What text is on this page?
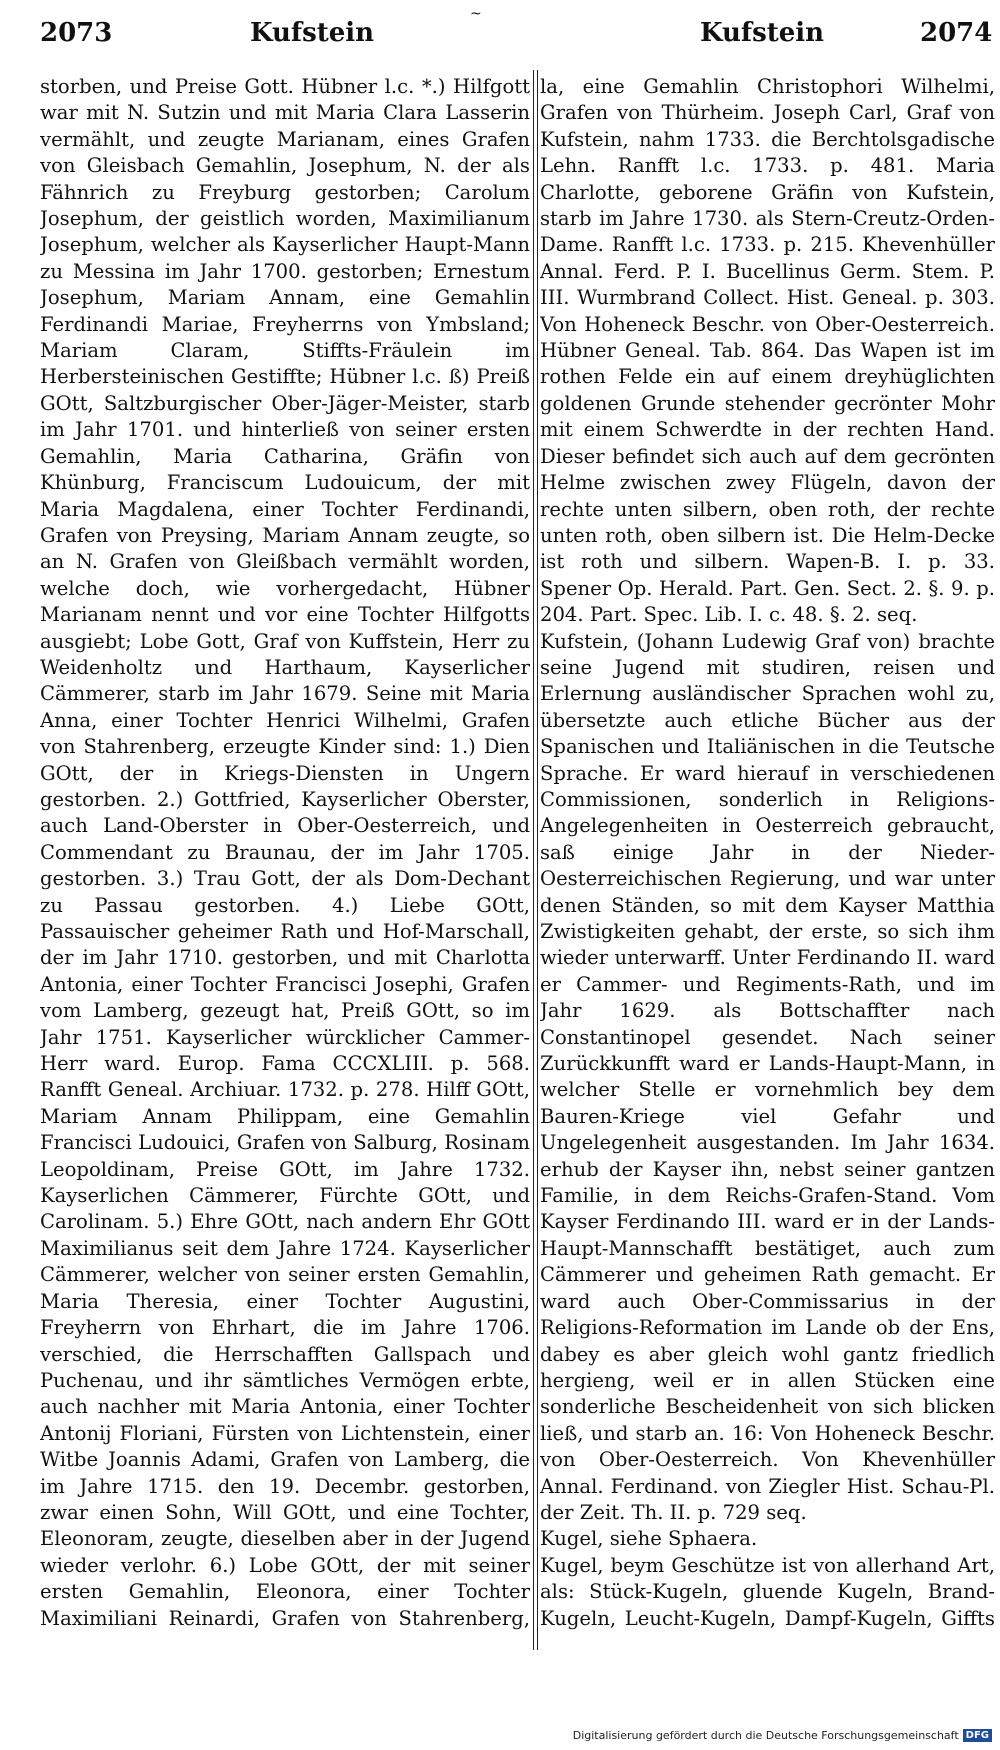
~
2073	Kufstein	Kufstein	2074

storben, und Preise Gott. Hübner l.c. *.) Hilfgott war mit N. Sutzin und mit Maria Clara Lasserin vermählt, und zeugte Marianam, eines Grafen von Gleisbach Gemahlin, Josephum, N. der als Fähnrich zu Freyburg gestorben; Carolum Josephum, der geistlich worden, Maximilianum Josephum, welcher als Kayserlicher Haupt-Mann zu Messina im Jahr 1700. gestorben; Ernestum Josephum, Mariam Annam, eine Gemahlin Ferdinandi Mariae, Freyherrns von Ymbsland; Mariam Claram, Stiffts-Fräulein im Herbersteinischen Gestiffte; Hübner l.c. ß) Preiß GOtt, Saltzburgischer Ober-Jäger-Meister, starb im Jahr 1701. und hinterließ von seiner ersten Gemahlin, Maria Catharina, Gräfin von Khünburg, Franciscum Ludouicum, der mit Maria Magdalena, einer Tochter Ferdinandi, Grafen von Preysing, Mariam Annam zeugte, so an N. Grafen von Gleißbach vermählt worden, welche doch, wie vorhergedacht, Hübner Marianam nennt und vor eine Tochter Hilfgotts ausgiebt; Lobe Gott, Graf von Kuffstein, Herr zu Weidenholtz und Harthaum, Kayserlicher Cämmerer, starb im Jahr 1679. Seine mit Maria Anna, einer Tochter Henrici Wilhelmi, Grafen von Stahrenberg, erzeugte Kinder sind: 1.) Dien GOtt, der in Kriegs-Diensten in Ungern gestorben. 2.) Gottfried, Kayserlicher Oberster, auch Land-Oberster in Ober-Oesterreich, und Commendant zu Braunau, der im Jahr 1705. gestorben. 3.) Trau Gott, der als Dom-Dechant zu Passau gestorben. 4.) Liebe GOtt, Passauischer geheimer Rath und Hof-Marschall, der im Jahr 1710. gestorben, und mit Charlotta Antonia, einer Tochter Francisci Josephi, Grafen vom Lamberg, gezeugt hat, Preiß GOtt, so im Jahr 1751. Kayserlicher würcklicher Cammer-Herr ward. Europ. Fama CCCXLIII. p. 568. Ranfft Geneal. Archiuar. 1732. p. 278. Hilff GOtt, Mariam Annam Philippam, eine Gemahlin Francisci Ludouici, Grafen von Salburg, Rosinam Leopoldinam, Preise GOtt, im Jahre 1732. Kayserlichen Cämmerer, Fürchte GOtt, und Carolinam. 5.) Ehre GOtt, nach andern Ehr GOtt Maximilianus seit dem Jahre 1724. Kayserlicher Cämmerer, welcher von seiner ersten Gemahlin, Maria Theresia, einer Tochter Augustini, Freyherrn von Ehrhart, die im Jahre 1706. verschied, die Herrschafften Gallspach und Puchenau, und ihr sämtliches Vermögen erbte, auch nachher mit Maria Antonia, einer Tochter Antonij Floriani, Fürsten von Lichtenstein, einer Witbe Joannis Adami, Grafen von Lamberg, die im Jahre 1715. den 19. Decembr. gestorben, zwar einen Sohn, Will GOtt, und eine Tochter, Eleonoram, zeugte, dieselben aber in der Jugend wieder verlohr. 6.) Lobe GOtt, der mit seiner ersten Gemahlin, Eleonora, einer Tochter Maximiliani Reinardi, Grafen von Stahrenberg,

la, eine Gemahlin Christophori Wilhelmi, Grafen von Thürheim. Joseph Carl, Graf von Kufstein, nahm 1733. die Berchtolsgadische Lehn. Ranfft l.c. 1733. p. 481. Maria Charlotte, geborene Gräfin von Kufstein, starb im Jahre 1730. als Stern-Creutz-Orden-Dame. Ranfft l.c. 1733. p. 215. Khevenhüller Annal. Ferd. P. I. Bucellinus Germ. Stem. P. III. Wurmbrand Collect. Hist. Geneal. p. 303. Von Hoheneck Beschr. von Ober-Oesterreich. Hübner Geneal. Tab. 864. Das Wapen ist im rothen Felde ein auf einem dreyhüglichten goldenen Grunde stehender gecrönter Mohr mit einem Schwerdte in der rechten Hand. Dieser befindet sich auch auf dem gecrönten Helme zwischen zwey Flügeln, davon der rechte unten silbern, oben roth, der rechte unten roth, oben silbern ist. Die Helm-Decke ist roth und silbern. Wapen-B. I. p. 33. Spener Op. Herald. Part. Gen. Sect. 2. §. 9. p. 204. Part. Spec. Lib. I. c. 48. §. 2. seq.

Kufstein, (Johann Ludewig Graf von) brachte seine Jugend mit studiren, reisen und Erlernung ausländischer Sprachen wohl zu, übersetzte auch etliche Bücher aus der Spanischen und Italiänischen in die Teutsche Sprache. Er ward hierauf in verschiedenen Commissionen, sonderlich in Religions-Angelegenheiten in Oesterreich gebraucht, saß einige Jahr in der Nieder-Oesterreichischen Regierung, und war unter denen Ständen, so mit dem Kayser Matthia Zwistigkeiten gehabt, der erste, so sich ihm wieder unterwarff. Unter Ferdinando II. ward er Cammer- und Regiments-Rath, und im Jahr 1629. als Bottschaffter nach Constantinopel gesendet. Nach seiner Zurückkunfft ward er Lands-Haupt-Mann, in welcher Stelle er vornehmlich bey dem Bauren-Kriege viel Gefahr und Ungelegenheit ausgestanden. Im Jahr 1634. erhub der Kayser ihn, nebst seiner gantzen Familie, in dem Reichs-Grafen-Stand. Vom Kayser Ferdinando III. ward er in der Lands-Haupt-Mannschafft bestätiget, auch zum Cämmerer und geheimen Rath gemacht. Er ward auch Ober-Commissarius in der Religions-Reformation im Lande ob der Ens, dabey es aber gleich wohl gantz friedlich hergieng, weil er in allen Stücken eine sonderliche Bescheidenheit von sich blicken ließ, und starb an. 16: Von Hoheneck Beschr. von Ober-Oesterreich. Von Khevenhüller Annal. Ferdinand. von Ziegler Hist. Schau-Pl. der Zeit. Th. II. p. 729 seq.

Kugel, siehe Sphaera.

Kugel, beym Geschütze ist von allerhand Art, als: Stück-Kugeln, gluende Kugeln, Brand-Kugeln, Leucht-Kugeln, Dampf-Kugeln, Giffts

Digitalisierung gefördert durch die Deutsche Forschungsgemeinschaft DFG
